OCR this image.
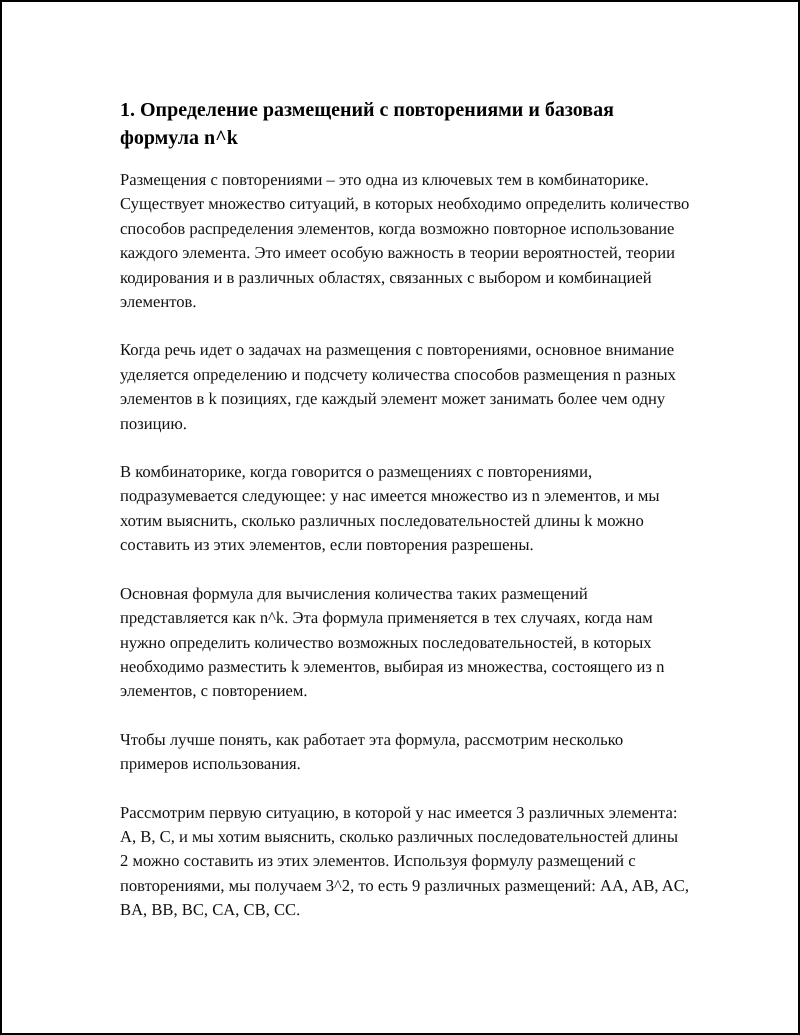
1. Определение размещений с повторениями и базовая формула n^k

Размещения с повторениями – это одна из ключевых тем в комбинаторике. Существует множество ситуаций, в которых необходимо определить количество способов распределения элементов, когда возможно повторное использование каждого элемента. Это имеет особую важность в теории вероятностей, теории кодирования и в различных областях, связанных с выбором и комбинацией элементов.

Когда речь идет о задачах на размещения с повторениями, основное внимание уделяется определению и подсчету количества способов размещения n разных элементов в k позициях, где каждый элемент может занимать более чем одну позицию.

В комбинаторике, когда говорится о размещениях с повторениями, подразумевается следующее: у нас имеется множество из n элементов, и мы хотим выяснить, сколько различных последовательностей длины k можно составить из этих элементов, если повторения разрешены.

Основная формула для вычисления количества таких размещений представляется как n^k. Эта формула применяется в тех случаях, когда нам нужно определить количество возможных последовательностей, в которых необходимо разместить k элементов, выбирая из множества, состоящего из n элементов, с повторением.

Чтобы лучше понять, как работает эта формула, рассмотрим несколько примеров использования.

Рассмотрим первую ситуацию, в которой у нас имеется 3 различных элемента: A, B, C, и мы хотим выяснить, сколько различных последовательностей длины 2 можно составить из этих элементов. Используя формулу размещений с повторениями, мы получаем 3^2, то есть 9 различных размещений: AA, AB, AC, BA, BB, BC, CA, CB, CC.
